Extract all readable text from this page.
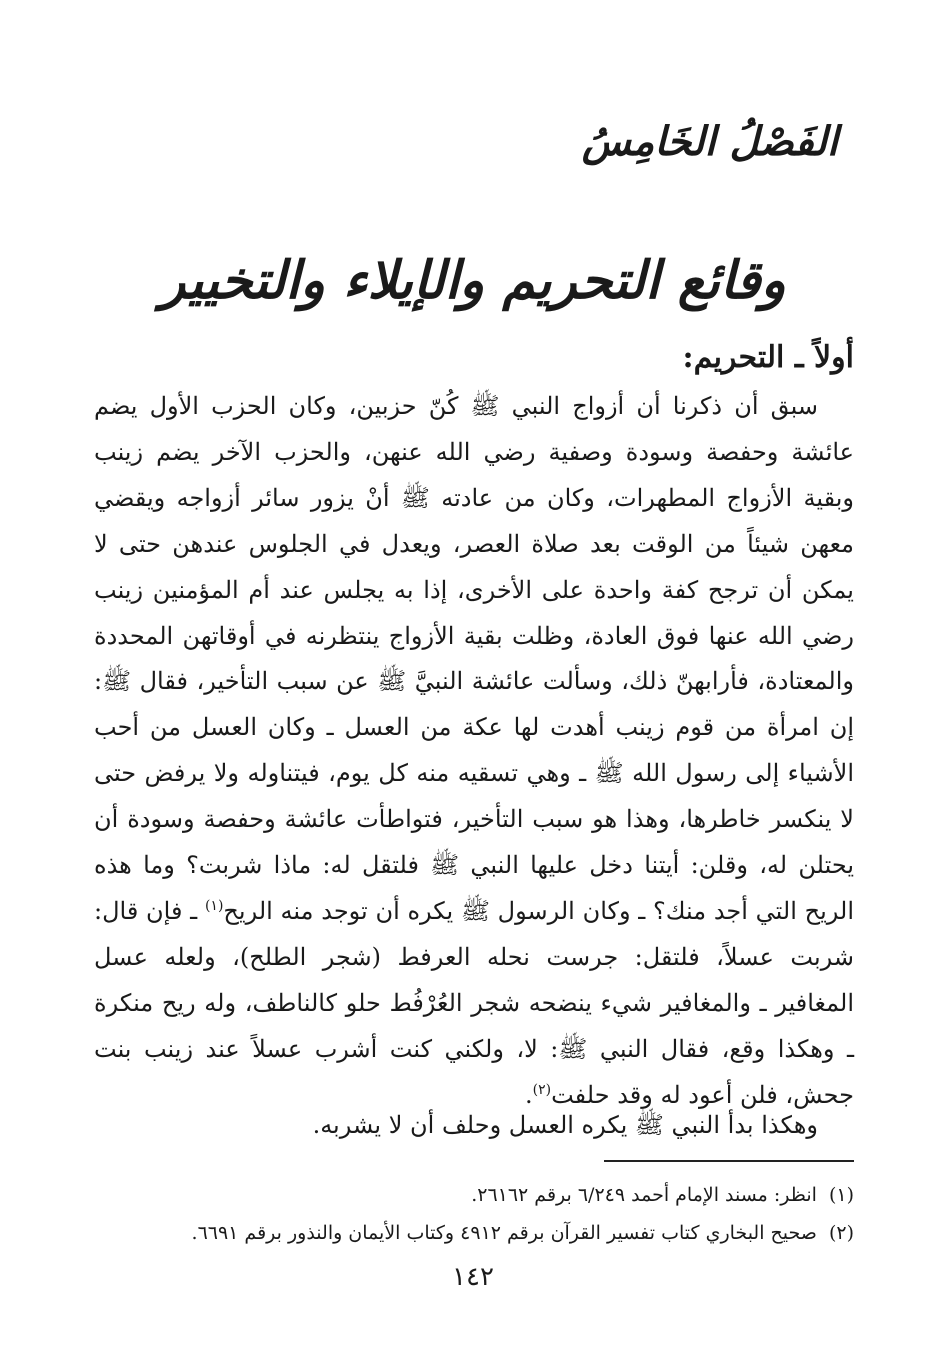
الفَصْلُ الخَامِسُ
وقائع التحريم والإيلاء والتخيير
أولاً ـ التحريم:

سبق أن ذكرنا أن أزواج النبي ﷺ كُنّ حزبين، وكان الحزب الأول يضم عائشة وحفصة وسودة وصفية رضي الله عنهن، والحزب الآخر يضم زينب وبقية الأزواج المطهرات، وكان من عادته ﷺ أنْ يزور سائر أزواجه ويقضي معهن شيئاً من الوقت بعد صلاة العصر، ويعدل في الجلوس عندهن حتى لا يمكن أن ترجح كفة واحدة على الأخرى، إذا به يجلس عند أم المؤمنين زينب رضي الله عنها فوق العادة، وظلت بقية الأزواج ينتظرنه في أوقاتهن المحددة والمعتادة، فأرابهنّ ذلك، وسألت عائشة النبيَّ ﷺ عن سبب التأخير، فقال ﷺ: إن امرأة من قوم زينب أهدت لها عكة من العسل ـ وكان العسل من أحب الأشياء إلى رسول الله ﷺ ـ وهي تسقيه منه كل يوم، فيتناوله ولا يرفض حتى لا ينكسر خاطرها، وهذا هو سبب التأخير، فتواطأت عائشة وحفصة وسودة أن يحتلن له، وقلن: أيتنا دخل عليها النبي ﷺ فلتقل له: ماذا شربت؟ وما هذه الريح التي أجد منك؟ ـ وكان الرسول ﷺ يكره أن توجد منه الريح$^{(١)}$ ـ فإن قال: شربت عسلاً، فلتقل: جرست نحله العرفط (شجر الطلح)، ولعله عسل المغافير ـ والمغافير شيء ينضحه شجر العُرْفُط حلو كالناطف، وله ريح منكرة ـ وهكذا وقع، فقال النبي ﷺ: لا، ولكني كنت أشرب عسلاً عند زينب بنت جحش، فلن أعود له وقد حلفت$^{(٢)}$.

وهكذا بدأ النبي ﷺ يكره العسل وحلف أن لا يشربه.
(١)انظر: مسند الإمام أحمد ٦/٢٤٩ برقم ٢٦١٦٢.
(٢)صحيح البخاري كتاب تفسير القرآن برقم ٤٩١٢ وكتاب الأيمان والنذور برقم ٦٦٩١.
١٤٢
